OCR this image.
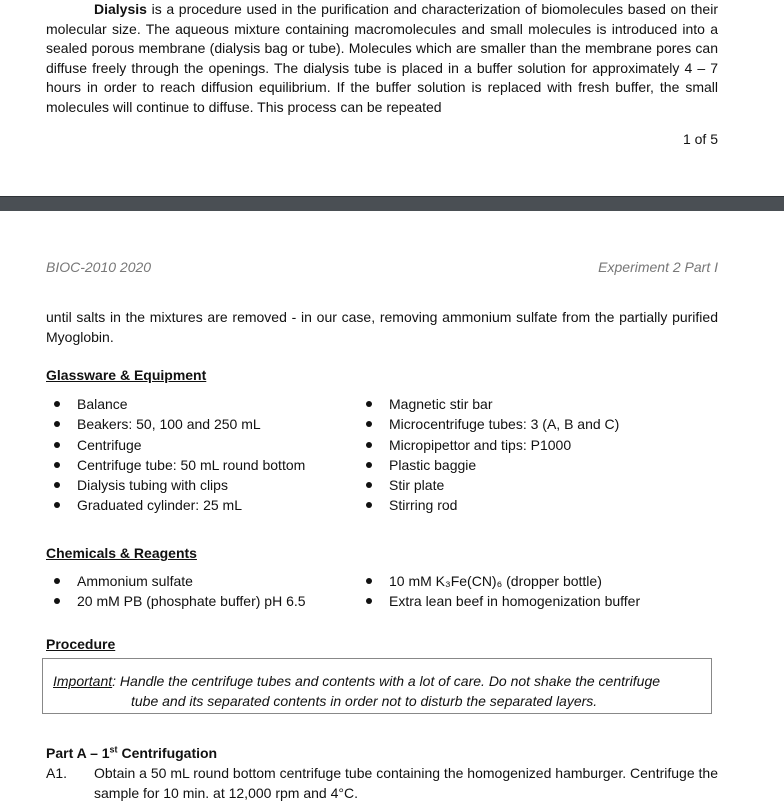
Dialysis is a procedure used in the purification and characterization of biomolecules based on their molecular size. The aqueous mixture containing macromolecules and small molecules is introduced into a sealed porous membrane (dialysis bag or tube). Molecules which are smaller than the membrane pores can diffuse freely through the openings. The dialysis tube is placed in a buffer solution for approximately 4 – 7 hours in order to reach diffusion equilibrium. If the buffer solution is replaced with fresh buffer, the small molecules will continue to diffuse. This process can be repeated

1 of 5
BIOC-2010 2020	Experiment 2 Part I

until salts in the mixtures are removed - in our case, removing ammonium sulfate from the partially purified Myoglobin.

Glassware & Equipment
Balance
Beakers: 50, 100 and 250 mL
Centrifuge
Centrifuge tube: 50 mL round bottom
Dialysis tubing with clips
Graduated cylinder: 25 mL
Magnetic stir bar
Microcentrifuge tubes: 3 (A, B and C)
Micropipettor and tips: P1000
Plastic baggie
Stir plate
Stirring rod
Chemicals & Reagents
Ammonium sulfate
20 mM PB (phosphate buffer) pH 6.5
10 mM K₃Fe(CN)₆ (dropper bottle)
Extra lean beef in homogenization buffer
Procedure
Important: Handle the centrifuge tubes and contents with a lot of care. Do not shake the centrifuge
tube and its separated contents in order not to disturb the separated layers.
Part A – 1st Centrifugation
A1. Obtain a 50 mL round bottom centrifuge tube containing the homogenized hamburger. Centrifuge the sample for 10 min. at 12,000 rpm and 4°C.
